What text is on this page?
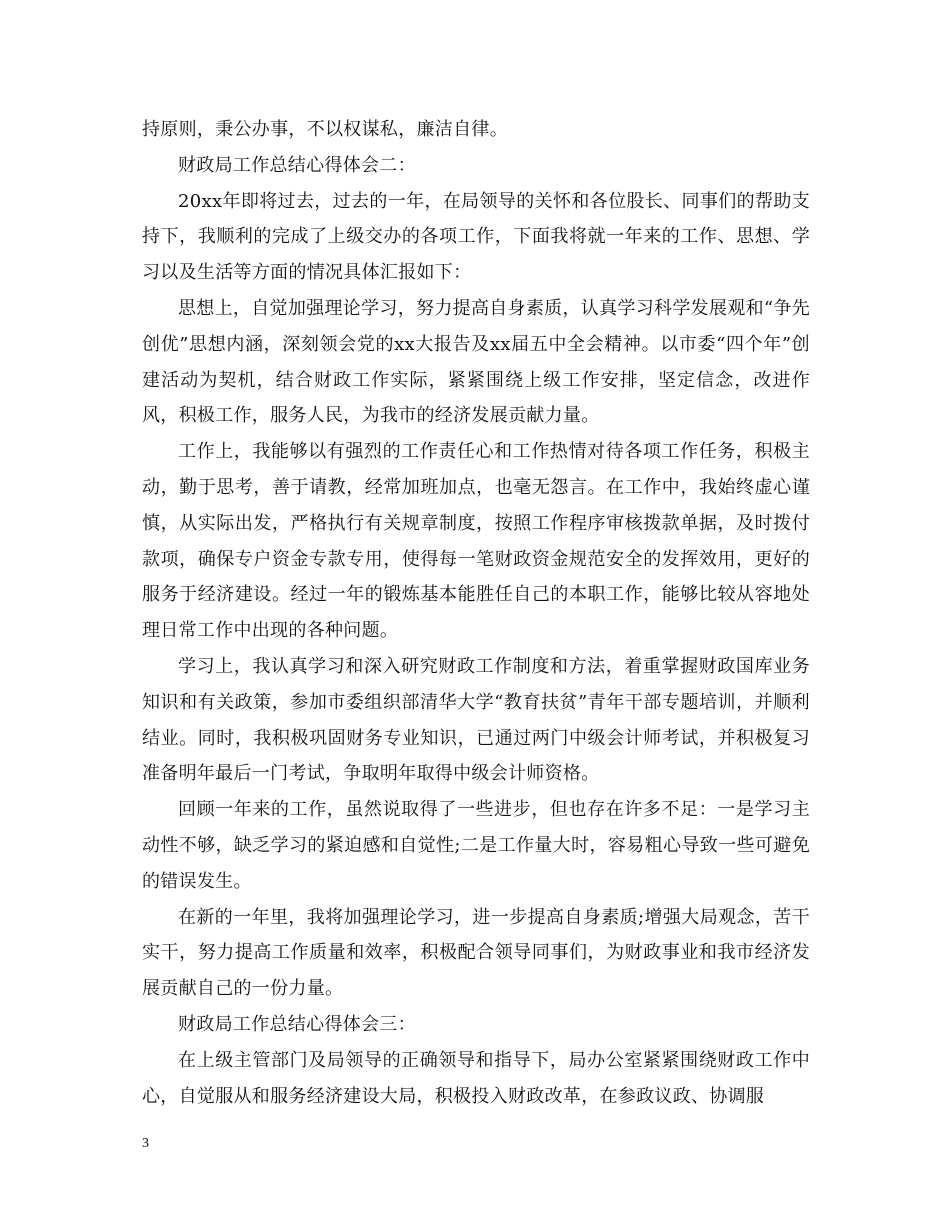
持原则，秉公办事，不以权谋私，廉洁自律。

财政局工作总结心得体会二：

20xx年即将过去，过去的一年，在局领导的关怀和各位股长、同事们的帮助支持下，我顺利的完成了上级交办的各项工作，下面我将就一年来的工作、思想、学习以及生活等方面的情况具体汇报如下：

思想上，自觉加强理论学习，努力提高自身素质，认真学习科学发展观和“争先创优”思想内涵，深刻领会党的xx大报告及xx届五中全会精神。以市委“四个年”创建活动为契机，结合财政工作实际，紧紧围绕上级工作安排，坚定信念，改进作风，积极工作，服务人民，为我市的经济发展贡献力量。

工作上，我能够以有强烈的工作责任心和工作热情对待各项工作任务，积极主动，勤于思考，善于请教，经常加班加点，也毫无怨言。在工作中，我始终虚心谨慎，从实际出发，严格执行有关规章制度，按照工作程序审核拨款单据，及时拨付款项，确保专户资金专款专用，使得每一笔财政资金规范安全的发挥效用，更好的服务于经济建设。经过一年的锻炼基本能胜任自己的本职工作，能够比较从容地处理日常工作中出现的各种问题。

学习上，我认真学习和深入研究财政工作制度和方法，着重掌握财政国库业务知识和有关政策，参加市委组织部清华大学“教育扶贫”青年干部专题培训，并顺利结业。同时，我积极巩固财务专业知识，已通过两门中级会计师考试，并积极复习准备明年最后一门考试，争取明年取得中级会计师资格。

回顾一年来的工作，虽然说取得了一些进步，但也存在许多不足：一是学习主动性不够，缺乏学习的紧迫感和自觉性;二是工作量大时，容易粗心导致一些可避免的错误发生。

在新的一年里，我将加强理论学习，进一步提高自身素质;增强大局观念，苦干实干，努力提高工作质量和效率，积极配合领导同事们，为财政事业和我市经济发展贡献自己的一份力量。

财政局工作总结心得体会三：

在上级主管部门及局领导的正确领导和指导下，局办公室紧紧围绕财政工作中心，自觉服从和服务经济建设大局，积极投入财政改革，在参政议政、协调服

3
